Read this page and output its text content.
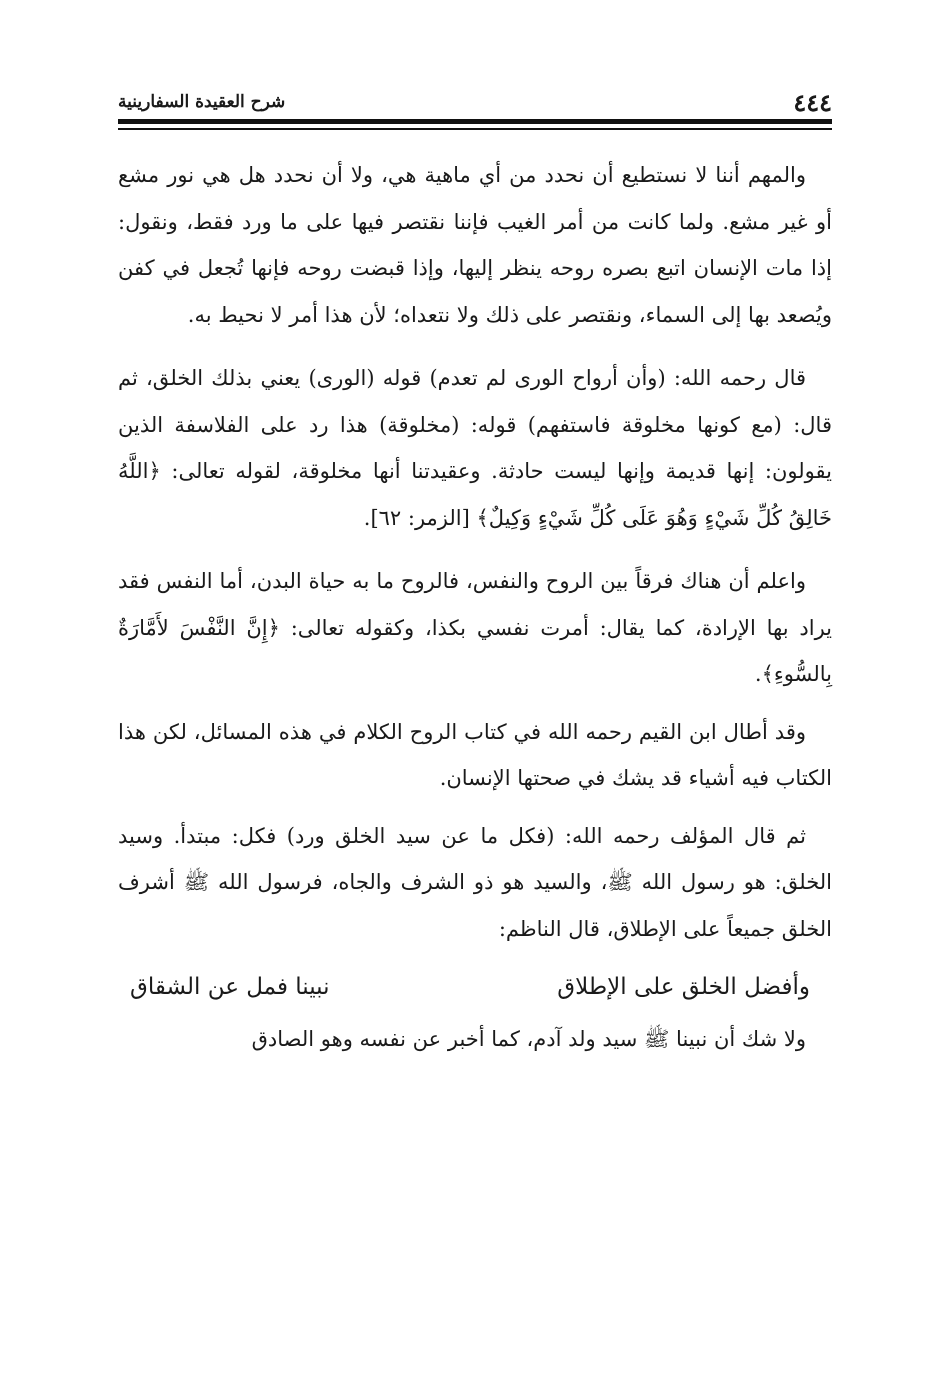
٤٤٤
شرح العقيدة السفارينية

والمهم أننا لا نستطيع أن نحدد من أي ماهية هي، ولا أن نحدد هل هي نور مشع أو غير مشع. ولما كانت من أمر الغيب فإننا نقتصر فيها على ما ورد فقط، ونقول: إذا مات الإنسان اتبع بصره روحه ينظر إليها، وإذا قبضت روحه فإنها تُجعل في كفن ويُصعد بها إلى السماء، ونقتصر على ذلك ولا نتعداه؛ لأن هذا أمر لا نحيط به.

قال رحمه الله: (وأن أرواح الورى لم تعدم) قوله (الورى) يعني بذلك الخلق، ثم قال: (مع كونها مخلوقة فاستفهم) قوله: (مخلوقة) هذا رد على الفلاسفة الذين يقولون: إنها قديمة وإنها ليست حادثة. وعقيدتنا أنها مخلوقة، لقوله تعالى: ﴿اللَّهُ خَالِقُ كُلِّ شَيْءٍ وَهُوَ عَلَى كُلِّ شَيْءٍ وَكِيلٌ﴾ [الزمر: ٦٢].

واعلم أن هناك فرقاً بين الروح والنفس، فالروح ما به حياة البدن، أما النفس فقد يراد بها الإرادة، كما يقال: أمرت نفسي بكذا، وكقوله تعالى: ﴿إِنَّ النَّفْسَ لأَمَّارَةٌ بِالسُّوءِ﴾.

وقد أطال ابن القيم رحمه الله في كتاب الروح الكلام في هذه المسائل، لكن هذا الكتاب فيه أشياء قد يشك في صحتها الإنسان.

ثم قال المؤلف رحمه الله: (فكل ما عن سيد الخلق ورد) فكل: مبتدأ. وسيد الخلق: هو رسول الله ﷺ، والسيد هو ذو الشرف والجاه، فرسول الله ﷺ أشرف الخلق جميعاً على الإطلاق، قال الناظم:

وأفضل الخلق على الإطلاق
نبينا فمل عن الشقاق
ولا شك أن نبينا ﷺ سيد ولد آدم، كما أخبر عن نفسه وهو الصادق
